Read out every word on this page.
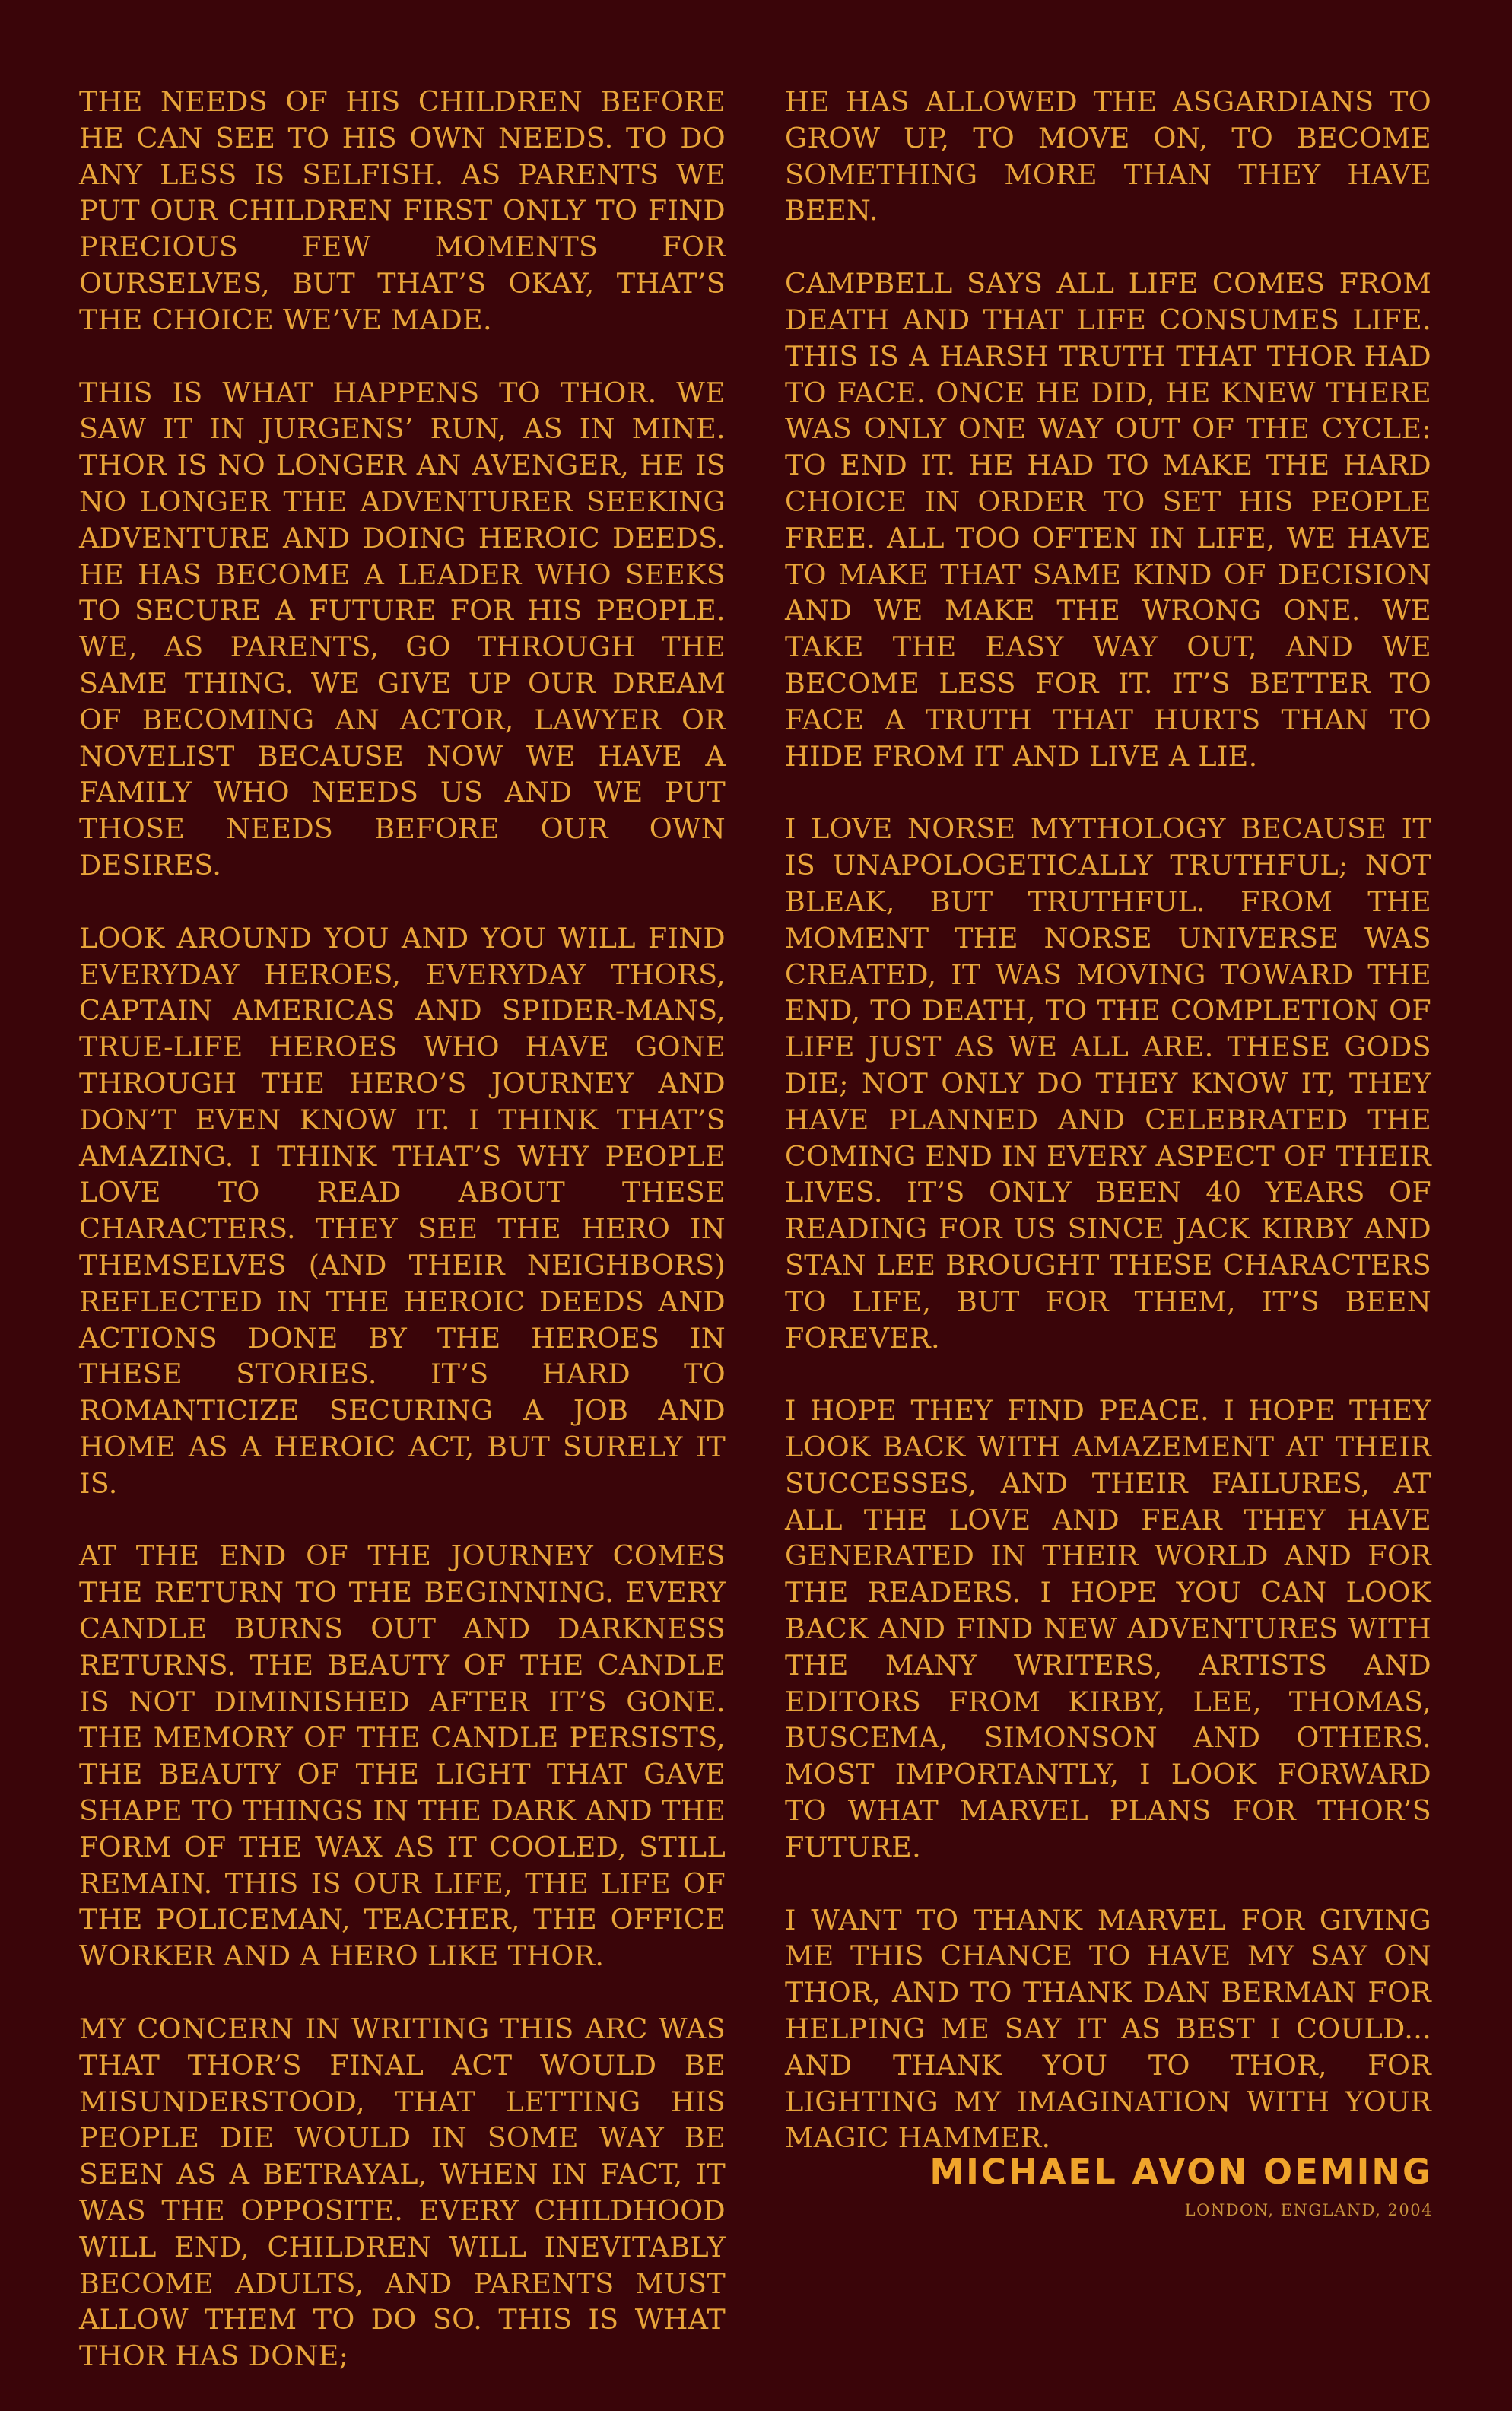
THE NEEDS OF HIS CHILDREN BEFORE HE CAN SEE TO HIS OWN NEEDS. TO DO ANY LESS IS SELFISH. AS PARENTS WE PUT OUR CHILDREN FIRST ONLY TO FIND PRECIOUS FEW MOMENTS FOR OURSELVES, BUT THAT’S OKAY, THAT’S THE CHOICE WE’VE MADE.

THIS IS WHAT HAPPENS TO THOR. WE SAW IT IN JURGENS’ RUN, AS IN MINE. THOR IS NO LONGER AN AVENGER, HE IS NO LONGER THE ADVENTURER SEEKING ADVENTURE AND DOING HEROIC DEEDS. HE HAS BECOME A LEADER WHO SEEKS TO SECURE A FUTURE FOR HIS PEOPLE. WE, AS PARENTS, GO THROUGH THE SAME THING. WE GIVE UP OUR DREAM OF BECOMING AN ACTOR, LAWYER OR NOVELIST BECAUSE NOW WE HAVE A FAMILY WHO NEEDS US AND WE PUT THOSE NEEDS BEFORE OUR OWN DESIRES.

LOOK AROUND YOU AND YOU WILL FIND EVERYDAY HEROES, EVERYDAY THORS, CAPTAIN AMERICAS AND SPIDER-MANS, TRUE-LIFE HEROES WHO HAVE GONE THROUGH THE HERO’S JOURNEY AND DON’T EVEN KNOW IT. I THINK THAT’S AMAZING. I THINK THAT’S WHY PEOPLE LOVE TO READ ABOUT THESE CHARACTERS. THEY SEE THE HERO IN THEMSELVES (AND THEIR NEIGHBORS) REFLECTED IN THE HEROIC DEEDS AND ACTIONS DONE BY THE HEROES IN THESE STORIES. IT’S HARD TO ROMANTICIZE SECURING A JOB AND HOME AS A HEROIC ACT, BUT SURELY IT IS.

AT THE END OF THE JOURNEY COMES THE RETURN TO THE BEGINNING. EVERY CANDLE BURNS OUT AND DARKNESS RETURNS. THE BEAUTY OF THE CANDLE IS NOT DIMINISHED AFTER IT’S GONE. THE MEMORY OF THE CANDLE PERSISTS, THE BEAUTY OF THE LIGHT THAT GAVE SHAPE TO THINGS IN THE DARK AND THE FORM OF THE WAX AS IT COOLED, STILL REMAIN. THIS IS OUR LIFE, THE LIFE OF THE POLICEMAN, TEACHER, THE OFFICE WORKER AND A HERO LIKE THOR.

MY CONCERN IN WRITING THIS ARC WAS THAT THOR’S FINAL ACT WOULD BE MISUNDERSTOOD, THAT LETTING HIS PEOPLE DIE WOULD IN SOME WAY BE SEEN AS A BETRAYAL, WHEN IN FACT, IT WAS THE OPPOSITE. EVERY CHILDHOOD WILL END, CHILDREN WILL INEVITABLY BECOME ADULTS, AND PARENTS MUST ALLOW THEM TO DO SO. THIS IS WHAT THOR HAS DONE;

HE HAS ALLOWED THE ASGARDIANS TO GROW UP, TO MOVE ON, TO BECOME SOMETHING MORE THAN THEY HAVE BEEN.

CAMPBELL SAYS ALL LIFE COMES FROM DEATH AND THAT LIFE CONSUMES LIFE. THIS IS A HARSH TRUTH THAT THOR HAD TO FACE. ONCE HE DID, HE KNEW THERE WAS ONLY ONE WAY OUT OF THE CYCLE: TO END IT. HE HAD TO MAKE THE HARD CHOICE IN ORDER TO SET HIS PEOPLE FREE. ALL TOO OFTEN IN LIFE, WE HAVE TO MAKE THAT SAME KIND OF DECISION AND WE MAKE THE WRONG ONE. WE TAKE THE EASY WAY OUT, AND WE BECOME LESS FOR IT. IT’S BETTER TO FACE A TRUTH THAT HURTS THAN TO HIDE FROM IT AND LIVE A LIE.

I LOVE NORSE MYTHOLOGY BECAUSE IT IS UNAPOLOGETICALLY TRUTHFUL; NOT BLEAK, BUT TRUTHFUL. FROM THE MOMENT THE NORSE UNIVERSE WAS CREATED, IT WAS MOVING TOWARD THE END, TO DEATH, TO THE COMPLETION OF LIFE JUST AS WE ALL ARE. THESE GODS DIE; NOT ONLY DO THEY KNOW IT, THEY HAVE PLANNED AND CELEBRATED THE COMING END IN EVERY ASPECT OF THEIR LIVES. IT’S ONLY BEEN 40 YEARS OF READING FOR US SINCE JACK KIRBY AND STAN LEE BROUGHT THESE CHARACTERS TO LIFE, BUT FOR THEM, IT’S BEEN FOREVER.

I HOPE THEY FIND PEACE. I HOPE THEY LOOK BACK WITH AMAZEMENT AT THEIR SUCCESSES, AND THEIR FAILURES, AT ALL THE LOVE AND FEAR THEY HAVE GENERATED IN THEIR WORLD AND FOR THE READERS. I HOPE YOU CAN LOOK BACK AND FIND NEW ADVENTURES WITH THE MANY WRITERS, ARTISTS AND EDITORS FROM KIRBY, LEE, THOMAS, BUSCEMA, SIMONSON AND OTHERS. MOST IMPORTANTLY, I LOOK FORWARD TO WHAT MARVEL PLANS FOR THOR’S FUTURE.

I WANT TO THANK MARVEL FOR GIVING ME THIS CHANCE TO HAVE MY SAY ON THOR, AND TO THANK DAN BERMAN FOR HELPING ME SAY IT AS BEST I COULD... AND THANK YOU TO THOR, FOR LIGHTING MY IMAGINATION WITH YOUR MAGIC HAMMER.

MICHAEL AVON OEMING
LONDON, ENGLAND, 2004
